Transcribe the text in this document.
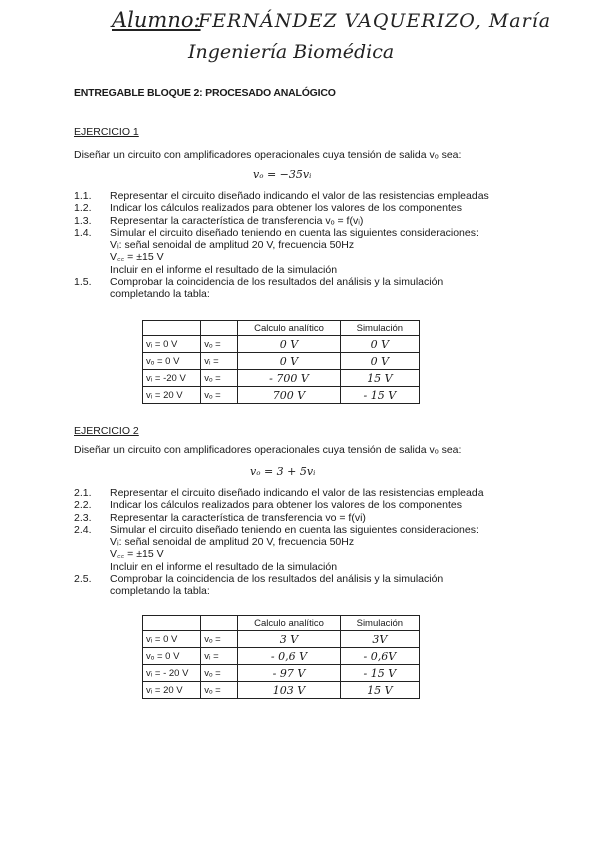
Alumno:
FERNÁNDEZ VAQUERIZO, María
Ingeniería Biomédica
ENTREGABLE BLOQUE 2: PROCESADO ANALÓGICO
EJERCICIO 1
Diseñar un circuito con amplificadores operacionales cuya tensión de salida vₒ sea:
vₒ = −35vᵢ
1.1. Representar el circuito diseñado indicando el valor de las resistencias empleadas
1.2. Indicar los cálculos realizados para obtener los valores de los componentes
1.3. Representar la característica de transferencia vₒ = f(vᵢ)
1.4. Simular el circuito diseñado teniendo en cuenta las siguientes consideraciones:
Vᵢ: señal senoidal de amplitud 20 V, frecuencia 50Hz
V꜀꜀ = ±15 V
Incluir en el informe el resultado de la simulación
1.5. Comprobar la coincidencia de los resultados del análisis y la simulación
completando la tabla:
		Calculo analítico	Simulación
vᵢ = 0 V	vₒ =	0 V	0 V
vₒ = 0 V	vᵢ =	0 V	0 V
vᵢ = -20 V	vₒ =	- 700 V	15 V
vᵢ = 20 V	vₒ =	700 V	- 15 V
EJERCICIO 2
Diseñar un circuito con amplificadores operacionales cuya tensión de salida vₒ sea:
vₒ = 3 + 5vᵢ
2.1. Representar el circuito diseñado indicando el valor de las resistencias empleada
2.2. Indicar los cálculos realizados para obtener los valores de los componentes
2.3. Representar la característica de transferencia vo = f(vi)
2.4. Simular el circuito diseñado teniendo en cuenta las siguientes consideraciones:
Vᵢ: señal senoidal de amplitud 20 V, frecuencia 50Hz
V꜀꜀ = ±15 V
Incluir en el informe el resultado de la simulación
2.5. Comprobar la coincidencia de los resultados del análisis y la simulación
completando la tabla:
		Calculo analítico	Simulación
vᵢ = 0 V	vₒ =	3 V	3V
vₒ = 0 V	vᵢ =	- 0,6 V	- 0,6V
vᵢ = - 20 V	vₒ =	- 97 V	- 15 V
vᵢ = 20 V	vₒ =	103 V	15 V
